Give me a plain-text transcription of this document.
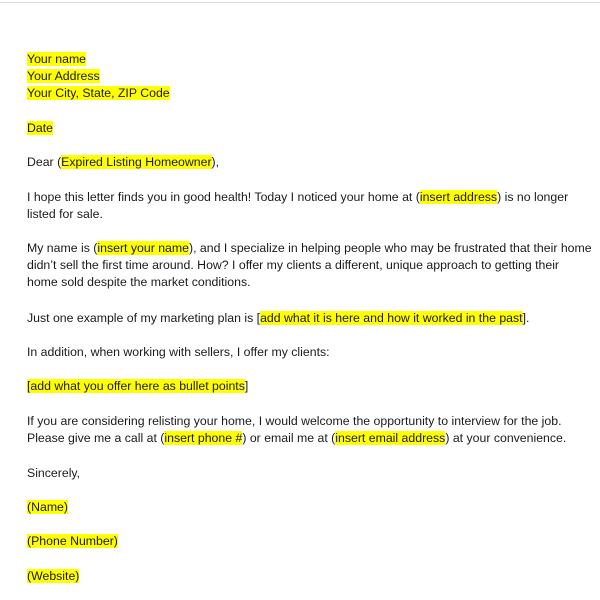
Your name
Your Address
Your City, State, ZIP Code
Date
Dear (Expired Listing Homeowner),
I hope this letter finds you in good health! Today I noticed your home at (insert address) is no longer
listed for sale.
My name is (insert your name), and I specialize in helping people who may be frustrated that their home
didn’t sell the first time around. How? I offer my clients a different, unique approach to getting their
home sold despite the market conditions.
Just one example of my marketing plan is [add what it is here and how it worked in the past].
In addition, when working with sellers, I offer my clients:
[add what you offer here as bullet points]
If you are considering relisting your home, I would welcome the opportunity to interview for the job.
Please give me a call at (insert phone #) or email me at (insert email address) at your convenience.
Sincerely,
(Name)
(Phone Number)
(Website)
